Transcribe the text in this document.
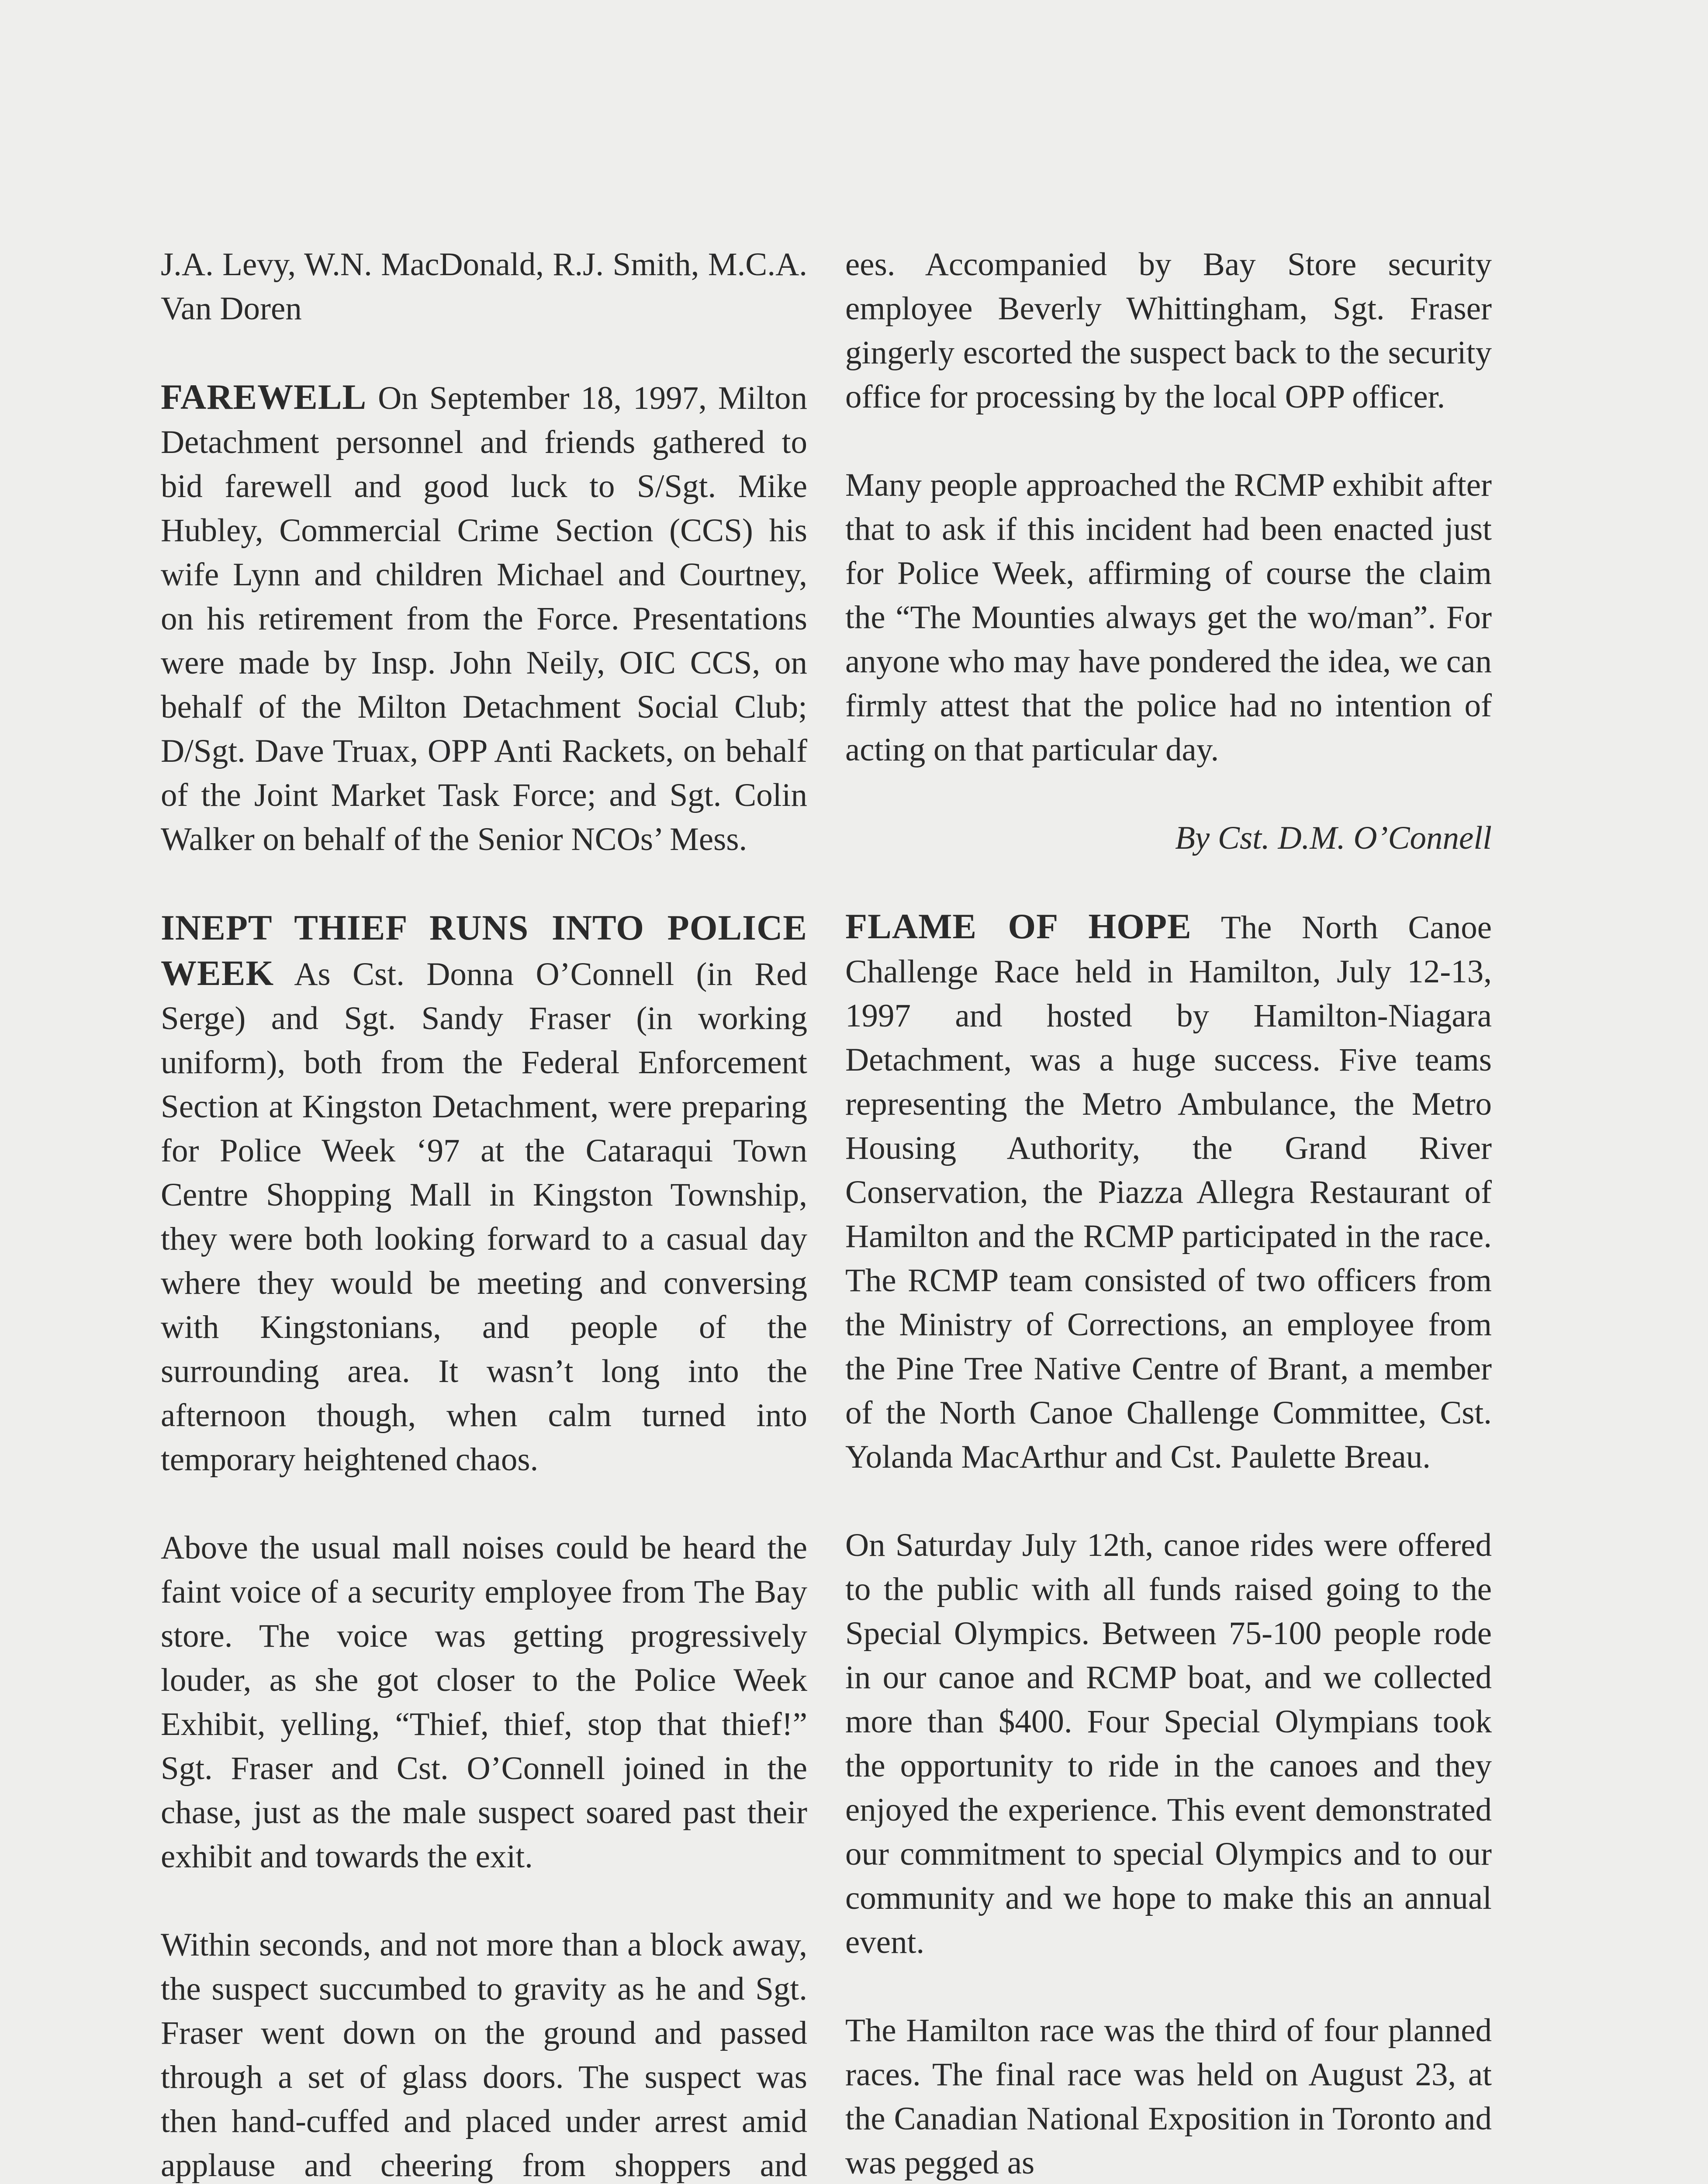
J.A. Levy, W.N. MacDonald, R.J. Smith, M.C.A. Van Doren

FAREWELL On September 18, 1997, Milton Detachment personnel and friends gathered to bid farewell and good luck to S/Sgt. Mike Hubley, Commercial Crime Section (CCS) his wife Lynn and children Michael and Courtney, on his retirement from the Force. Presentations were made by Insp. John Neily, OIC CCS, on behalf of the Milton Detachment Social Club; D/Sgt. Dave Truax, OPP Anti Rackets, on behalf of the Joint Market Task Force; and Sgt. Colin Walker on behalf of the Senior NCOs’ Mess.

INEPT THIEF RUNS INTO POLICE WEEK As Cst. Donna O’Connell (in Red Serge) and Sgt. Sandy Fraser (in working uniform), both from the Federal Enforcement Section at Kingston Detachment, were preparing for Police Week ‘97 at the Cataraqui Town Centre Shopping Mall in Kingston Township, they were both looking forward to a casual day where they would be meeting and conversing with Kingstonians, and people of the surrounding area. It wasn’t long into the afternoon though, when calm turned into temporary heightened chaos.

Above the usual mall noises could be heard the faint voice of a security employee from The Bay store. The voice was getting progressively louder, as she got closer to the Police Week Exhibit, yelling, “Thief, thief, stop that thief!” Sgt. Fraser and Cst. O’Connell joined in the chase, just as the male suspect soared past their exhibit and towards the exit.

Within seconds, and not more than a block away, the suspect succumbed to gravity as he and Sgt. Fraser went down on the ground and passed through a set of glass doors. The suspect was then hand-cuffed and placed under arrest amid applause and cheering from shoppers and

ees. Accompanied by Bay Store security employee Beverly Whittingham, Sgt. Fraser gingerly escorted the suspect back to the security office for processing by the local OPP officer.

Many people approached the RCMP exhibit after that to ask if this incident had been enacted just for Police Week, affirming of course the claim the “The Mounties always get the wo/man”. For anyone who may have pondered the idea, we can firmly attest that the police had no intention of acting on that particular day.

By Cst. D.M. O’Connell

FLAME OF HOPE The North Canoe Challenge Race held in Hamilton, July 12-13, 1997 and hosted by Hamilton-Niagara Detachment, was a huge success. Five teams representing the Metro Ambulance, the Metro Housing Authority, the Grand River Conservation, the Piazza Allegra Restaurant of Hamilton and the RCMP participated in the race. The RCMP team consisted of two officers from the Ministry of Corrections, an employee from the Pine Tree Native Centre of Brant, a member of the North Canoe Challenge Committee, Cst. Yolanda MacArthur and Cst. Paulette Breau.

On Saturday July 12th, canoe rides were offered to the public with all funds raised going to the Special Olympics. Between 75-100 people rode in our canoe and RCMP boat, and we collected more than $400. Four Special Olympians took the opportunity to ride in the canoes and they enjoyed the experience. This event demonstrated our commitment to special Olympics and to our community and we hope to make this an annual event.

The Hamilton race was the third of four planned races. The final race was held on August 23, at the Canadian National Exposition in Toronto and was pegged as
